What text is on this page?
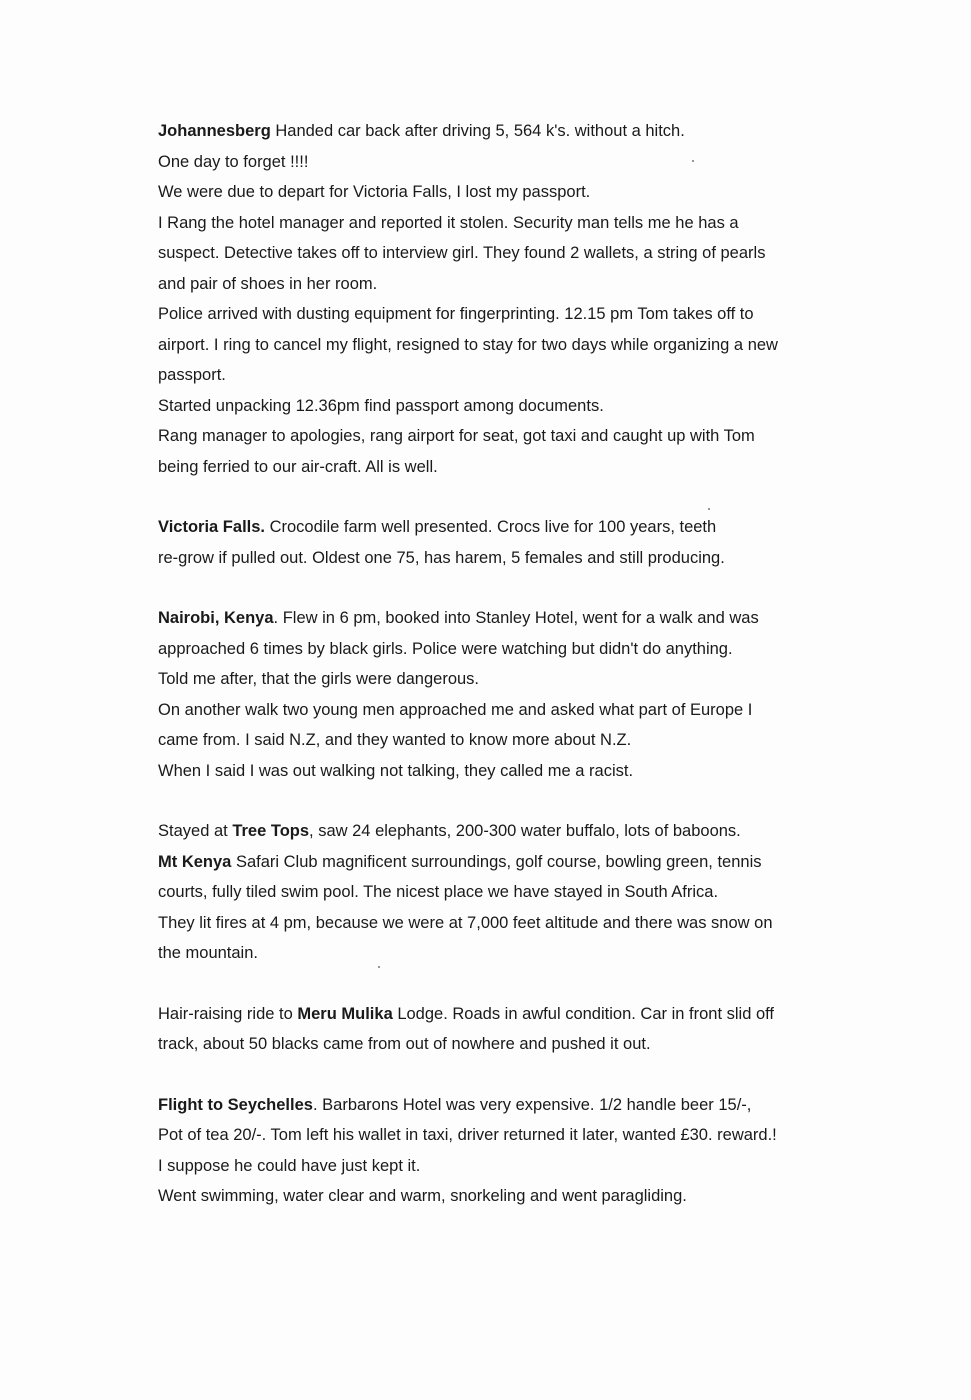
Johannesberg Handed car back after driving 5, 564 k's. without a hitch.
One day to forget !!!!
We were due to depart for Victoria Falls, I lost my passport.
I Rang the hotel manager and reported it stolen. Security man tells me he has a
suspect. Detective takes off to interview girl. They found 2 wallets, a string of pearls
and pair of shoes in her room.
Police arrived with dusting equipment for fingerprinting. 12.15 pm Tom takes off to
airport. I ring to cancel my flight, resigned to stay for two days while organizing a new
passport.
Started unpacking 12.36pm find passport among documents.
Rang manager to apologies, rang airport for seat, got taxi and caught up with Tom
being ferried to our air-craft. All is well.
Victoria Falls. Crocodile farm well presented. Crocs live for 100 years, teeth
re-grow if pulled out. Oldest one 75, has harem, 5 females and still producing.
Nairobi, Kenya. Flew in 6 pm, booked into Stanley Hotel, went for a walk and was
approached 6 times by black girls. Police were watching but didn't do anything.
Told me after, that the girls were dangerous.
On another walk two young men approached me and asked what part of Europe I
came from. I said N.Z, and they wanted to know more about N.Z.
When I said I was out walking not talking, they called me a racist.
Stayed at Tree Tops, saw 24 elephants, 200-300 water buffalo, lots of baboons.
Mt Kenya Safari Club magnificent surroundings, golf course, bowling green, tennis
courts, fully tiled swim pool. The nicest place we have stayed in South Africa.
They lit fires at 4 pm, because we were at 7,000 feet altitude and there was snow on
the mountain.
Hair-raising ride to Meru Mulika Lodge. Roads in awful condition. Car in front slid off
track, about 50 blacks came from out of nowhere and pushed it out.
Flight to Seychelles. Barbarons Hotel was very expensive. 1/2 handle beer 15/-,
Pot of tea 20/-. Tom left his wallet in taxi, driver returned it later, wanted £30. reward.!
I suppose he could have just kept it.
Went swimming, water clear and warm, snorkeling and went paragliding.
